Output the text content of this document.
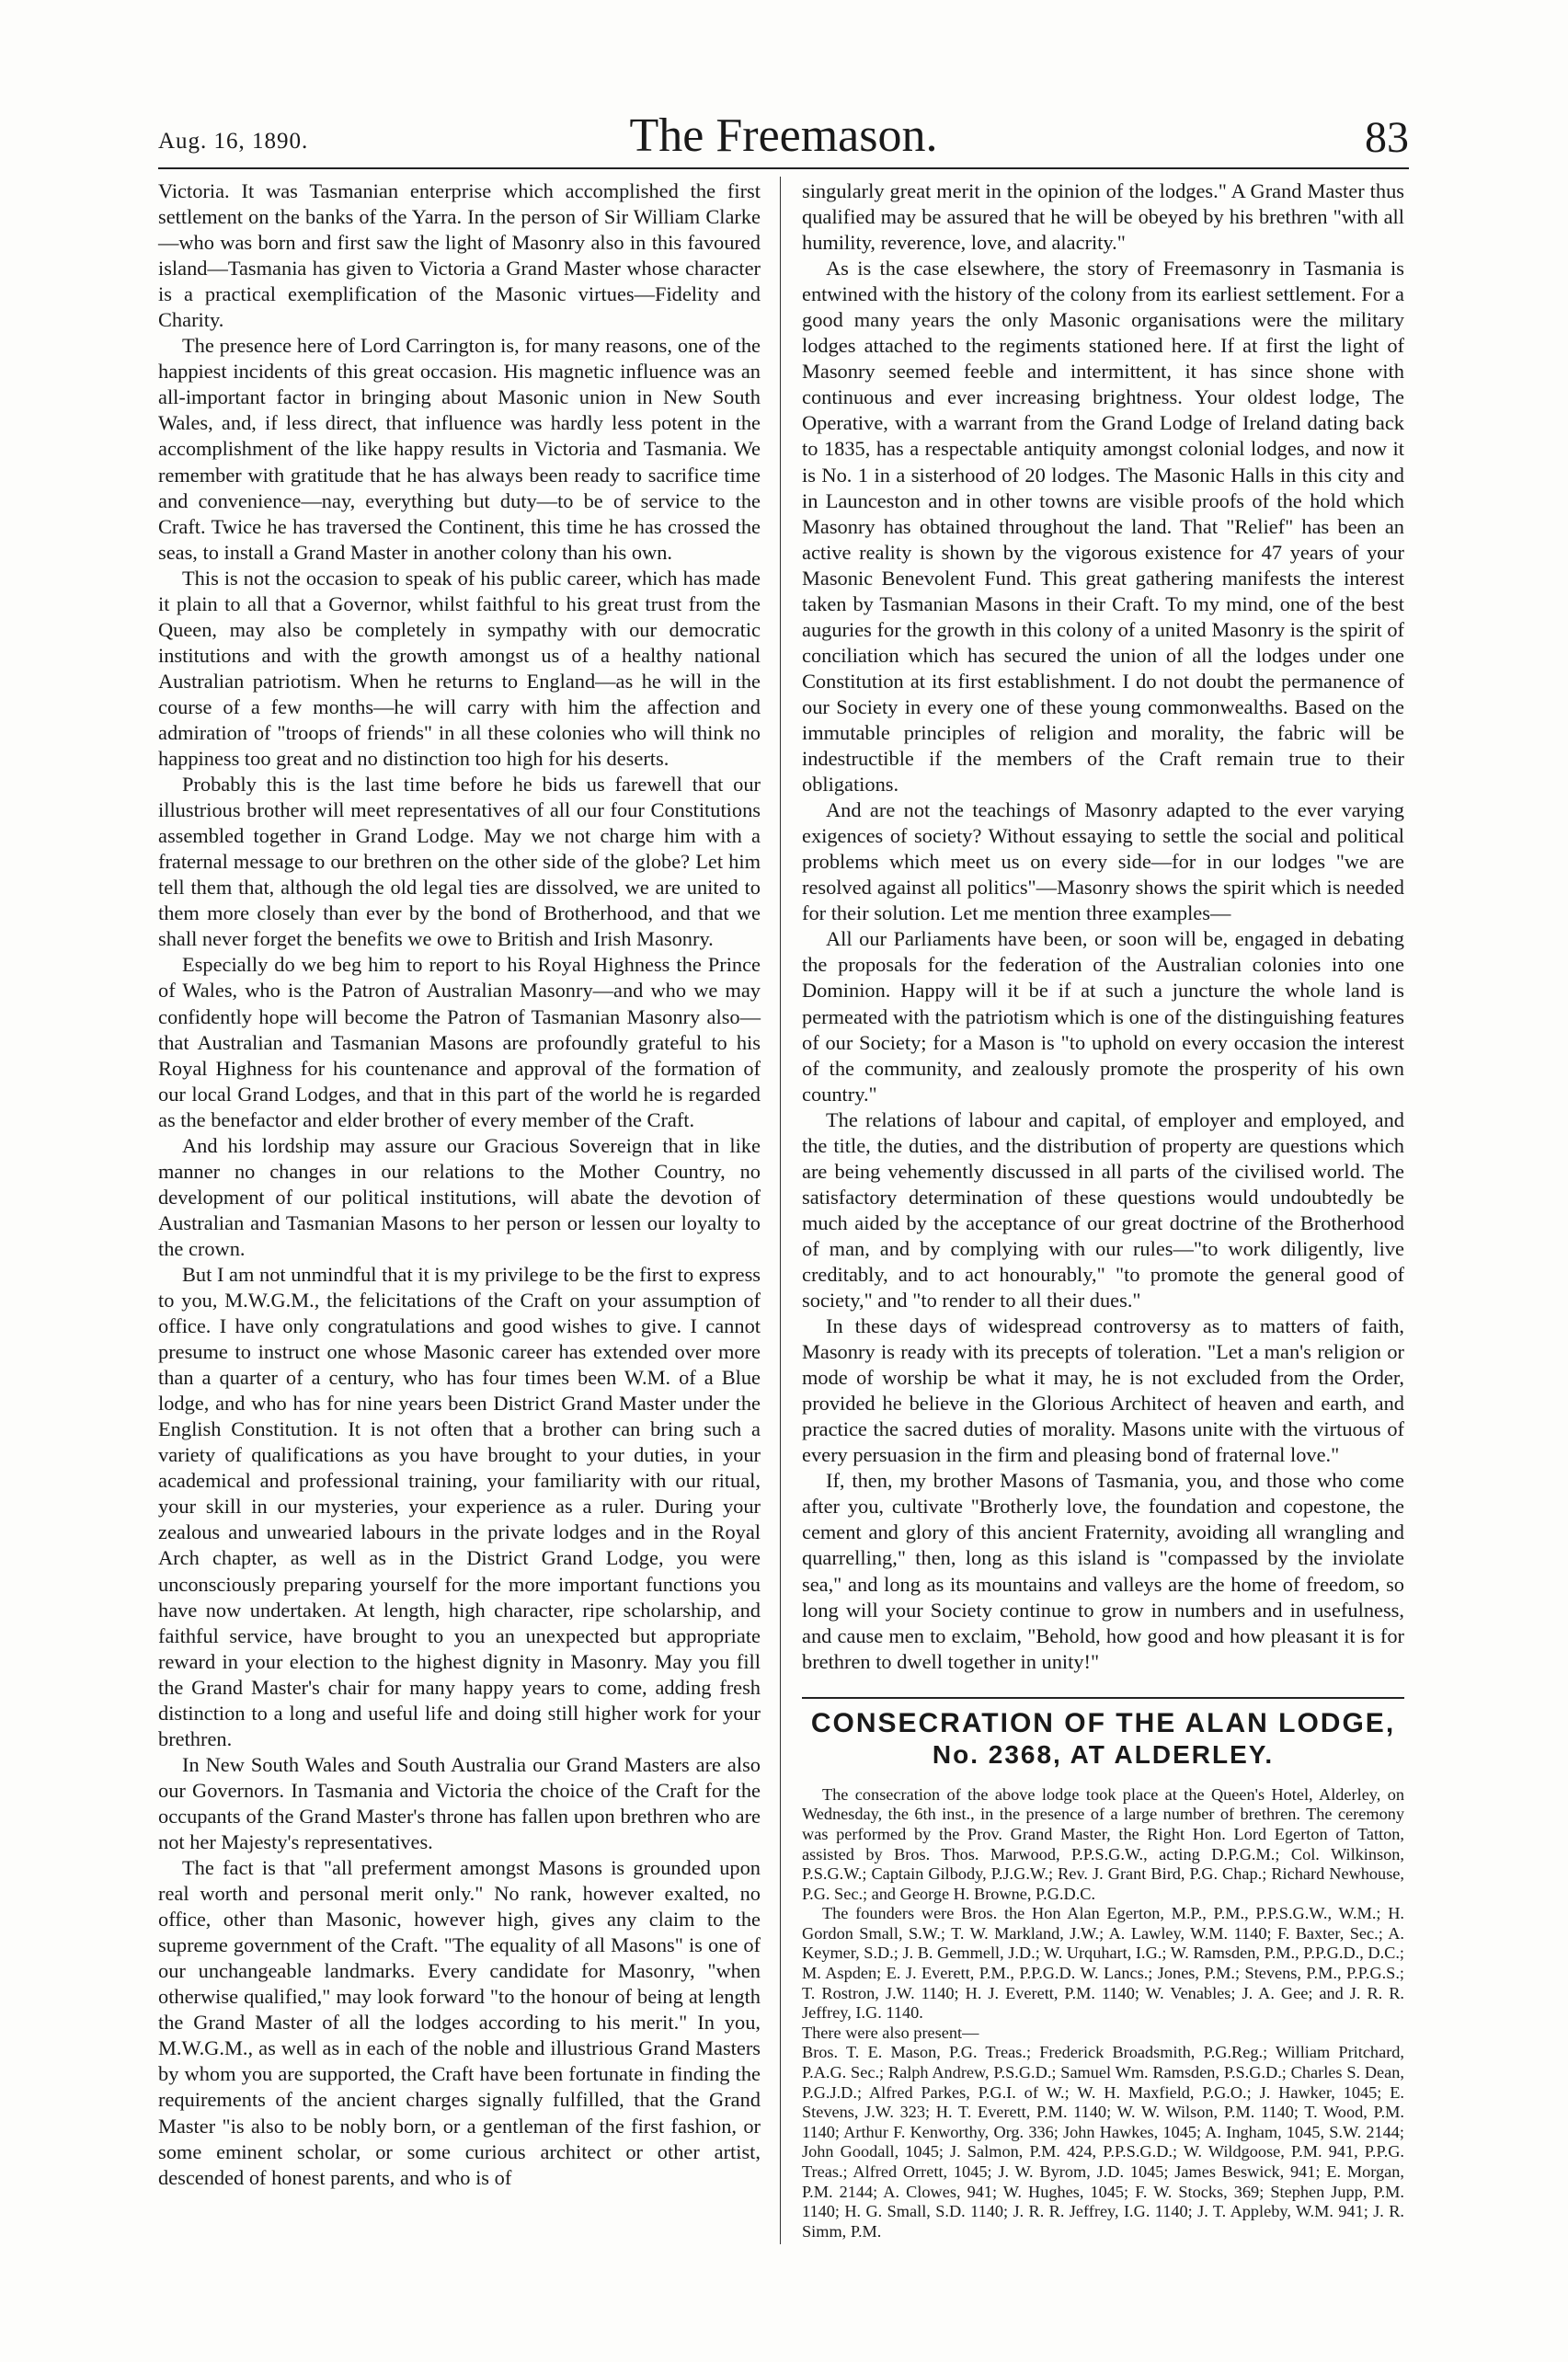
Aug. 16, 1890.	The Freemason.	83

Victoria. It was Tasmanian enterprise which accomplished the first settlement on the banks of the Yarra. In the person of Sir William Clarke—who was born and first saw the light of Masonry also in this favoured island—Tasmania has given to Victoria a Grand Master whose character is a practical exemplification of the Masonic virtues—Fidelity and Charity.

The presence here of Lord Carrington is, for many reasons, one of the happiest incidents of this great occasion. His magnetic influence was an all-important factor in bringing about Masonic union in New South Wales, and, if less direct, that influence was hardly less potent in the accomplishment of the like happy results in Victoria and Tasmania. We remember with gratitude that he has always been ready to sacrifice time and convenience—nay, everything but duty—to be of service to the Craft. Twice he has traversed the Continent, this time he has crossed the seas, to install a Grand Master in another colony than his own.

This is not the occasion to speak of his public career, which has made it plain to all that a Governor, whilst faithful to his great trust from the Queen, may also be completely in sympathy with our democratic institutions and with the growth amongst us of a healthy national Australian patriotism. When he returns to England—as he will in the course of a few months—he will carry with him the affection and admiration of "troops of friends" in all these colonies who will think no happiness too great and no distinction too high for his deserts.

Probably this is the last time before he bids us farewell that our illustrious brother will meet representatives of all our four Constitutions assembled together in Grand Lodge. May we not charge him with a fraternal message to our brethren on the other side of the globe? Let him tell them that, although the old legal ties are dissolved, we are united to them more closely than ever by the bond of Brotherhood, and that we shall never forget the benefits we owe to British and Irish Masonry.

Especially do we beg him to report to his Royal Highness the Prince of Wales, who is the Patron of Australian Masonry—and who we may confidently hope will become the Patron of Tasmanian Masonry also—that Australian and Tasmanian Masons are profoundly grateful to his Royal Highness for his countenance and approval of the formation of our local Grand Lodges, and that in this part of the world he is regarded as the benefactor and elder brother of every member of the Craft.

And his lordship may assure our Gracious Sovereign that in like manner no changes in our relations to the Mother Country, no development of our political institutions, will abate the devotion of Australian and Tasmanian Masons to her person or lessen our loyalty to the crown.

But I am not unmindful that it is my privilege to be the first to express to you, M.W.G.M., the felicitations of the Craft on your assumption of office. I have only congratulations and good wishes to give. I cannot presume to instruct one whose Masonic career has extended over more than a quarter of a century, who has four times been W.M. of a Blue lodge, and who has for nine years been District Grand Master under the English Constitution. It is not often that a brother can bring such a variety of qualifications as you have brought to your duties, in your academical and professional training, your familiarity with our ritual, your skill in our mysteries, your experience as a ruler. During your zealous and unwearied labours in the private lodges and in the Royal Arch chapter, as well as in the District Grand Lodge, you were unconsciously preparing yourself for the more important functions you have now undertaken. At length, high character, ripe scholarship, and faithful service, have brought to you an unexpected but appropriate reward in your election to the highest dignity in Masonry. May you fill the Grand Master's chair for many happy years to come, adding fresh distinction to a long and useful life and doing still higher work for your brethren.

In New South Wales and South Australia our Grand Masters are also our Governors. In Tasmania and Victoria the choice of the Craft for the occupants of the Grand Master's throne has fallen upon brethren who are not her Majesty's representatives.

The fact is that "all preferment amongst Masons is grounded upon real worth and personal merit only." No rank, however exalted, no office, other than Masonic, however high, gives any claim to the supreme government of the Craft. "The equality of all Masons" is one of our unchangeable landmarks. Every candidate for Masonry, "when otherwise qualified," may look forward "to the honour of being at length the Grand Master of all the lodges according to his merit." In you, M.W.G.M., as well as in each of the noble and illustrious Grand Masters by whom you are supported, the Craft have been fortunate in finding the requirements of the ancient charges signally fulfilled, that the Grand Master "is also to be nobly born, or a gentleman of the first fashion, or some eminent scholar, or some curious architect or other artist, descended of honest parents, and who is of

singularly great merit in the opinion of the lodges." A Grand Master thus qualified may be assured that he will be obeyed by his brethren "with all humility, reverence, love, and alacrity."

As is the case elsewhere, the story of Freemasonry in Tasmania is entwined with the history of the colony from its earliest settlement. For a good many years the only Masonic organisations were the military lodges attached to the regiments stationed here. If at first the light of Masonry seemed feeble and intermittent, it has since shone with continuous and ever increasing brightness. Your oldest lodge, The Operative, with a warrant from the Grand Lodge of Ireland dating back to 1835, has a respectable antiquity amongst colonial lodges, and now it is No. 1 in a sisterhood of 20 lodges. The Masonic Halls in this city and in Launceston and in other towns are visible proofs of the hold which Masonry has obtained throughout the land. That "Relief" has been an active reality is shown by the vigorous existence for 47 years of your Masonic Benevolent Fund. This great gathering manifests the interest taken by Tasmanian Masons in their Craft. To my mind, one of the best auguries for the growth in this colony of a united Masonry is the spirit of conciliation which has secured the union of all the lodges under one Constitution at its first establishment. I do not doubt the permanence of our Society in every one of these young commonwealths. Based on the immutable principles of religion and morality, the fabric will be indestructible if the members of the Craft remain true to their obligations.

And are not the teachings of Masonry adapted to the ever varying exigences of society? Without essaying to settle the social and political problems which meet us on every side—for in our lodges "we are resolved against all politics"—Masonry shows the spirit which is needed for their solution. Let me mention three examples—

All our Parliaments have been, or soon will be, engaged in debating the proposals for the federation of the Australian colonies into one Dominion. Happy will it be if at such a juncture the whole land is permeated with the patriotism which is one of the distinguishing features of our Society; for a Mason is "to uphold on every occasion the interest of the community, and zealously promote the prosperity of his own country."

The relations of labour and capital, of employer and employed, and the title, the duties, and the distribution of property are questions which are being vehemently discussed in all parts of the civilised world. The satisfactory determination of these questions would undoubtedly be much aided by the acceptance of our great doctrine of the Brotherhood of man, and by complying with our rules—"to work diligently, live creditably, and to act honourably," "to promote the general good of society," and "to render to all their dues."

In these days of widespread controversy as to matters of faith, Masonry is ready with its precepts of toleration. "Let a man's religion or mode of worship be what it may, he is not excluded from the Order, provided he believe in the Glorious Architect of heaven and earth, and practice the sacred duties of morality. Masons unite with the virtuous of every persuasion in the firm and pleasing bond of fraternal love."

If, then, my brother Masons of Tasmania, you, and those who come after you, cultivate "Brotherly love, the foundation and copestone, the cement and glory of this ancient Fraternity, avoiding all wrangling and quarrelling," then, long as this island is "compassed by the inviolate sea," and long as its mountains and valleys are the home of freedom, so long will your Society continue to grow in numbers and in usefulness, and cause men to exclaim, "Behold, how good and how pleasant it is for brethren to dwell together in unity!"

CONSECRATION OF THE ALAN LODGE,

No. 2368, AT ALDERLEY.

The consecration of the above lodge took place at the Queen's Hotel, Alderley, on Wednesday, the 6th inst., in the presence of a large number of brethren. The ceremony was performed by the Prov. Grand Master, the Right Hon. Lord Egerton of Tatton, assisted by Bros. Thos. Marwood, P.P.S.G.W., acting D.P.G.M.; Col. Wilkinson, P.S.G.W.; Captain Gilbody, P.J.G.W.; Rev. J. Grant Bird, P.G. Chap.; Richard Newhouse, P.G. Sec.; and George H. Browne, P.G.D.C.

The founders were Bros. the Hon Alan Egerton, M.P., P.M., P.P.S.G.W., W.M.; H. Gordon Small, S.W.; T. W. Markland, J.W.; A. Lawley, W.M. 1140; F. Baxter, Sec.; A. Keymer, S.D.; J. B. Gemmell, J.D.; W. Urquhart, I.G.; W. Ramsden, P.M., P.P.G.D., D.C.; M. Aspden; E. J. Everett, P.M., P.P.G.D. W. Lancs.; Jones, P.M.; Stevens, P.M., P.P.G.S.; T. Rostron, J.W. 1140; H. J. Everett, P.M. 1140; W. Venables; J. A. Gee; and J. R. R. Jeffrey, I.G. 1140.

There were also present—

Bros. T. E. Mason, P.G. Treas.; Frederick Broadsmith, P.G.Reg.; William Pritchard, P.A.G. Sec.; Ralph Andrew, P.S.G.D.; Samuel Wm. Ramsden, P.S.G.D.; Charles S. Dean, P.G.J.D.; Alfred Parkes, P.G.I. of W.; W. H. Maxfield, P.G.O.; J. Hawker, 1045; E. Stevens, J.W. 323; H. T. Everett, P.M. 1140; W. W. Wilson, P.M. 1140; T. Wood, P.M. 1140; Arthur F. Kenworthy, Org. 336; John Hawkes, 1045; A. Ingham, 1045, S.W. 2144; John Goodall, 1045; J. Salmon, P.M. 424, P.P.S.G.D.; W. Wildgoose, P.M. 941, P.P.G. Treas.; Alfred Orrett, 1045; J. W. Byrom, J.D. 1045; James Beswick, 941; E. Morgan, P.M. 2144; A. Clowes, 941; W. Hughes, 1045; F. W. Stocks, 369; Stephen Jupp, P.M. 1140; H. G. Small, S.D. 1140; J. R. R. Jeffrey, I.G. 1140; J. T. Appleby, W.M. 941; J. R. Simm, P.M.
